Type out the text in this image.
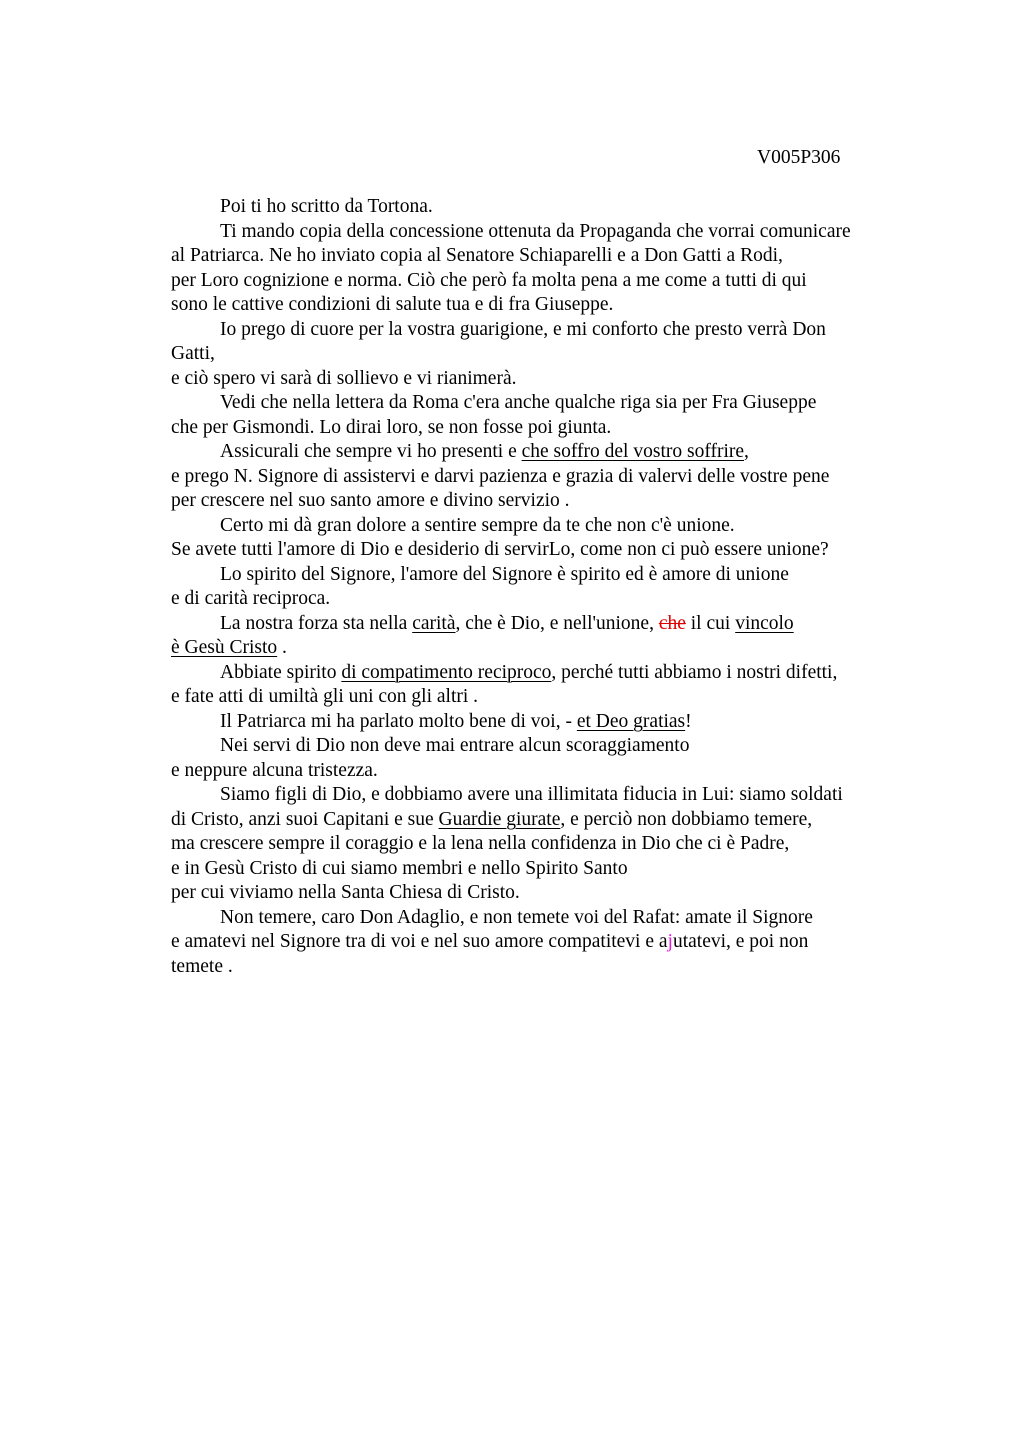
V005P306
Poi ti ho scritto da Tortona.
Ti mando copia della concessione ottenuta da Propaganda che vorrai comunicare
al Patriarca. Ne ho inviato copia al Senatore Schiaparelli e a Don Gatti a Rodi,
per Loro cognizione e norma. Ciò che però fa molta pena a me come a tutti di qui
sono le cattive condizioni di salute tua e di fra Giuseppe.
Io prego di cuore per la vostra guarigione, e mi conforto che presto verrà Don
Gatti,
e ciò spero vi sarà di sollievo e vi rianimerà.
Vedi che nella lettera da Roma c'era anche qualche riga sia per Fra Giuseppe
che per Gismondi. Lo dirai loro, se non fosse poi giunta.
Assicurali che sempre vi ho presenti e che soffro del vostro soffrire,
e prego N. Signore di assistervi e darvi pazienza e grazia di valervi delle vostre pene
per crescere nel suo santo amore e divino servizio .
Certo mi dà gran dolore a sentire sempre da te che non c'è unione.
Se avete tutti l'amore di Dio e desiderio di servirLo, come non ci può essere unione?
Lo spirito del Signore, l'amore del Signore è spirito ed è amore di unione
e di carità reciproca.
La nostra forza sta nella carità, che è Dio, e nell'unione, che il cui vincolo
è Gesù Cristo .
Abbiate spirito di compatimento reciproco, perché tutti abbiamo i nostri difetti,
e fate atti di umiltà gli uni con gli altri .
Il Patriarca mi ha parlato molto bene di voi, - et Deo gratias!
Nei servi di Dio non deve mai entrare alcun scoraggiamento
e neppure alcuna tristezza.
Siamo figli di Dio, e dobbiamo avere una illimitata fiducia in Lui: siamo soldati
di Cristo, anzi suoi Capitani e sue Guardie giurate, e perciò non dobbiamo temere,
ma crescere sempre il coraggio e la lena nella confidenza in Dio che ci è Padre,
e in Gesù Cristo di cui siamo membri e nello Spirito Santo
per cui viviamo nella Santa Chiesa di Cristo.
Non temere, caro Don Adaglio, e non temete voi del Rafat: amate il Signore
e amatevi nel Signore tra di voi e nel suo amore compatitevi e ajutatevi, e poi non
temete .
